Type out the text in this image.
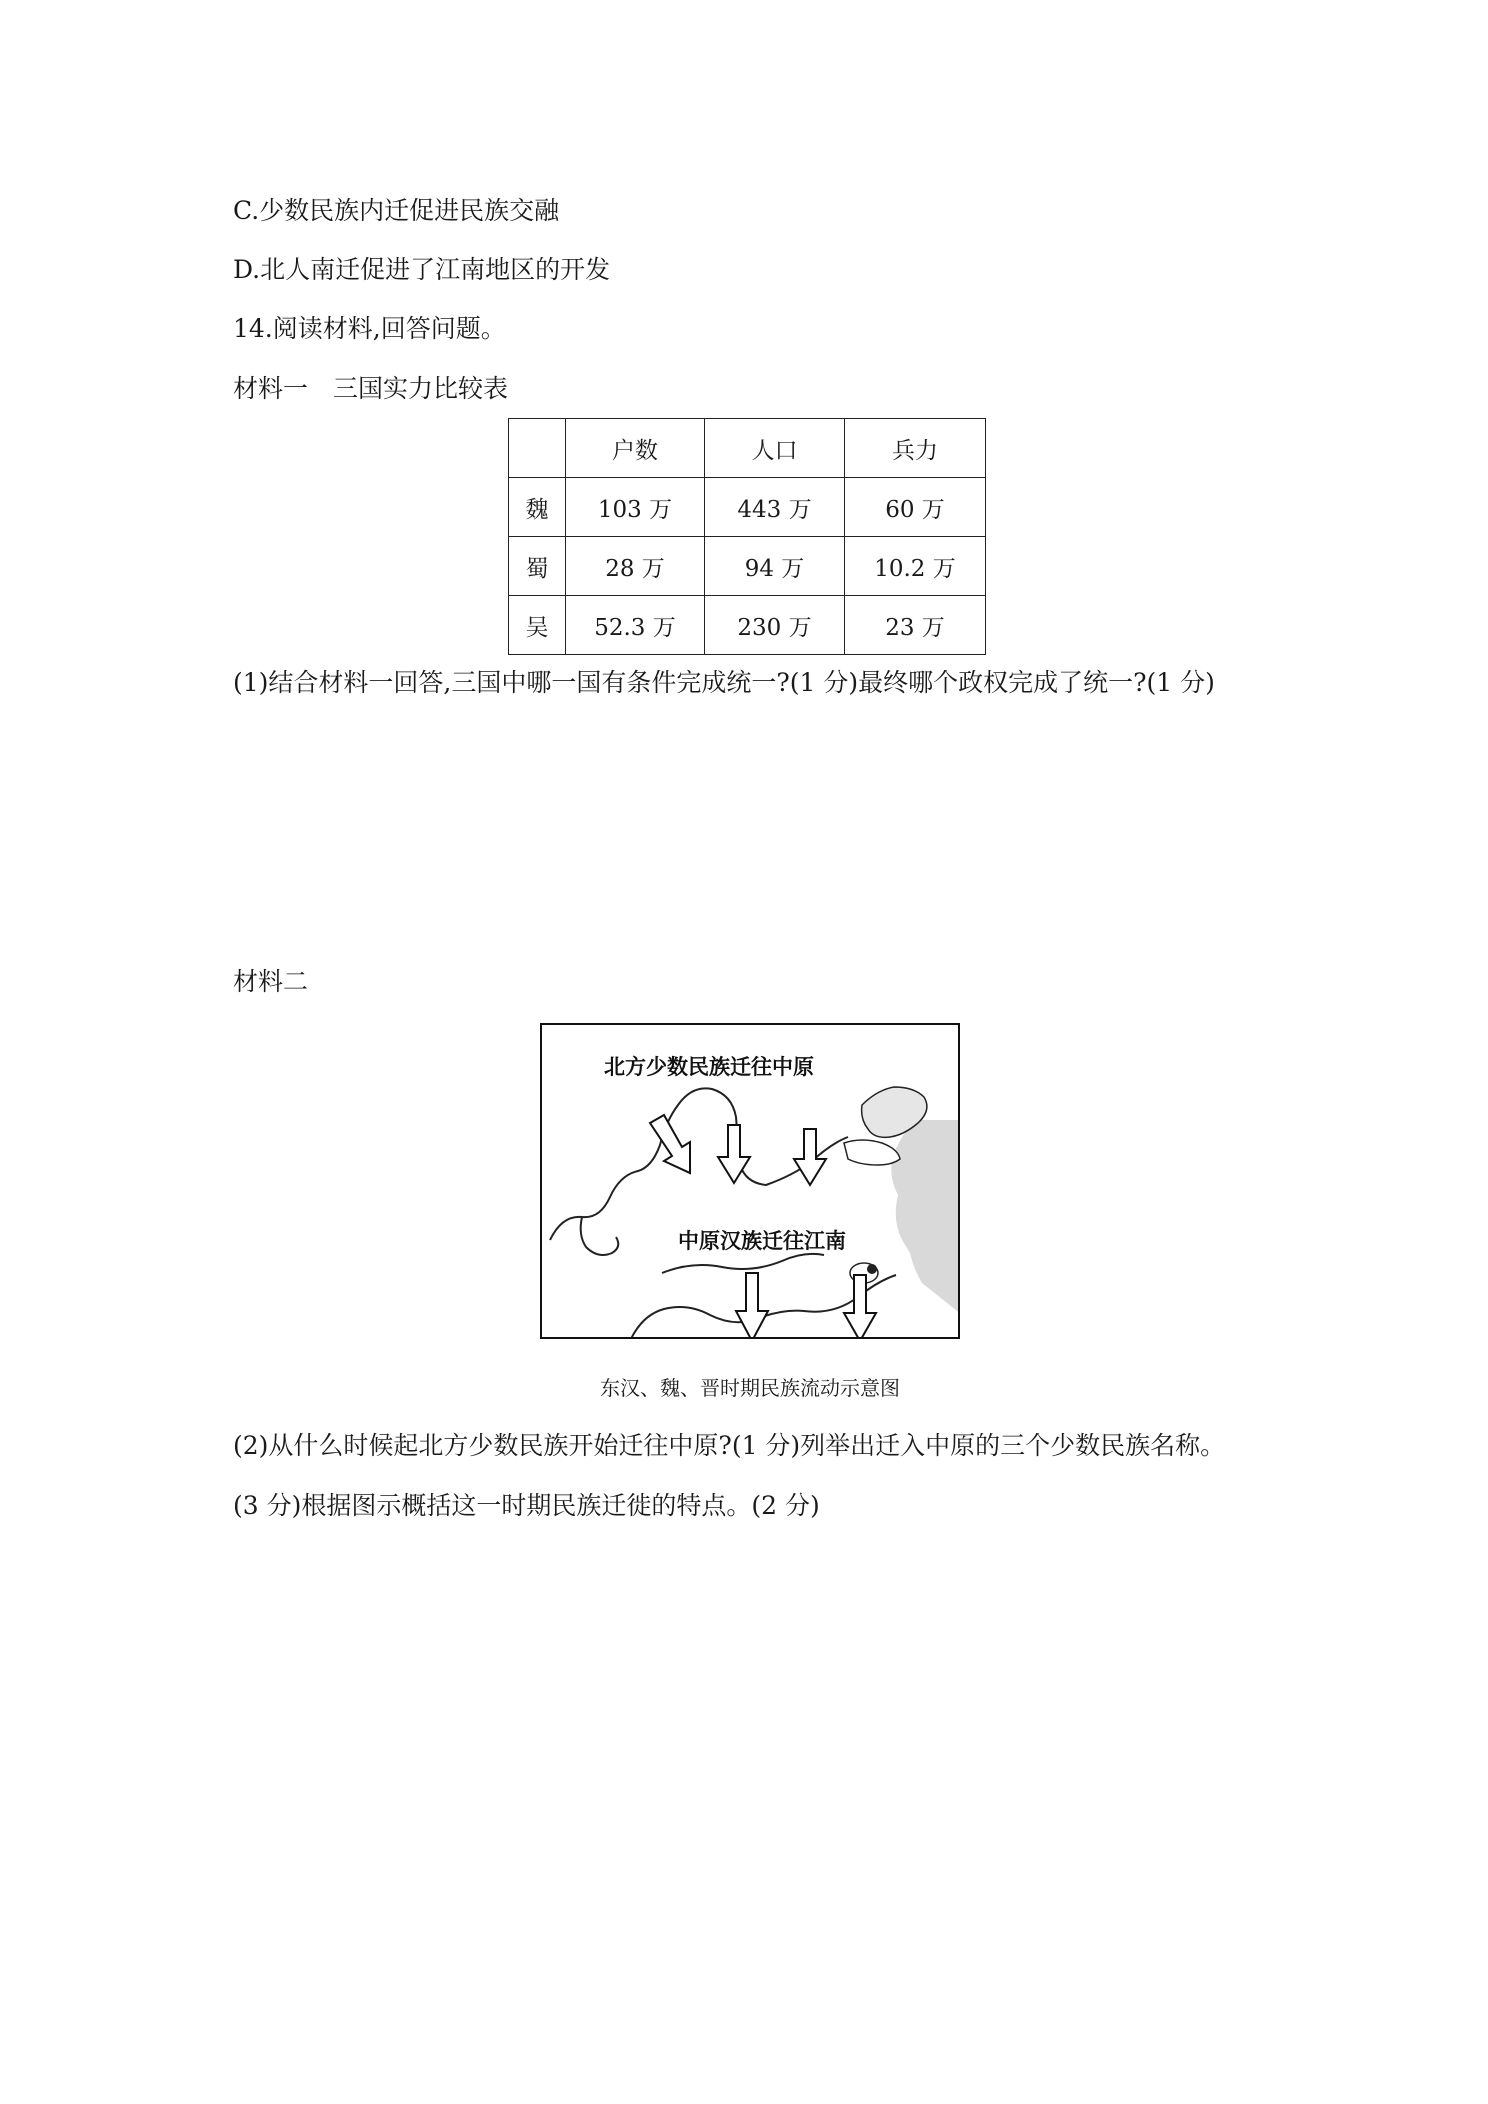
C.少数民族内迁促进民族交融
D.北人南迁促进了江南地区的开发
14.阅读材料,回答问题。
材料一　三国实力比较表
	户数	人口	兵力
魏	103 万	443 万	60 万
蜀	28 万	94 万	10.2 万
吴	52.3 万	230 万	23 万
(1)结合材料一回答,三国中哪一国有条件完成统一?(1 分)最终哪个政权完成了统一?(1 分)
材料二
北方少数民族迁往中原
中原汉族迁往江南
东汉、魏、晋时期民族流动示意图
(2)从什么时候起北方少数民族开始迁往中原?(1 分)列举出迁入中原的三个少数民族名称。
(3 分)根据图示概括这一时期民族迁徙的特点。(2 分)
